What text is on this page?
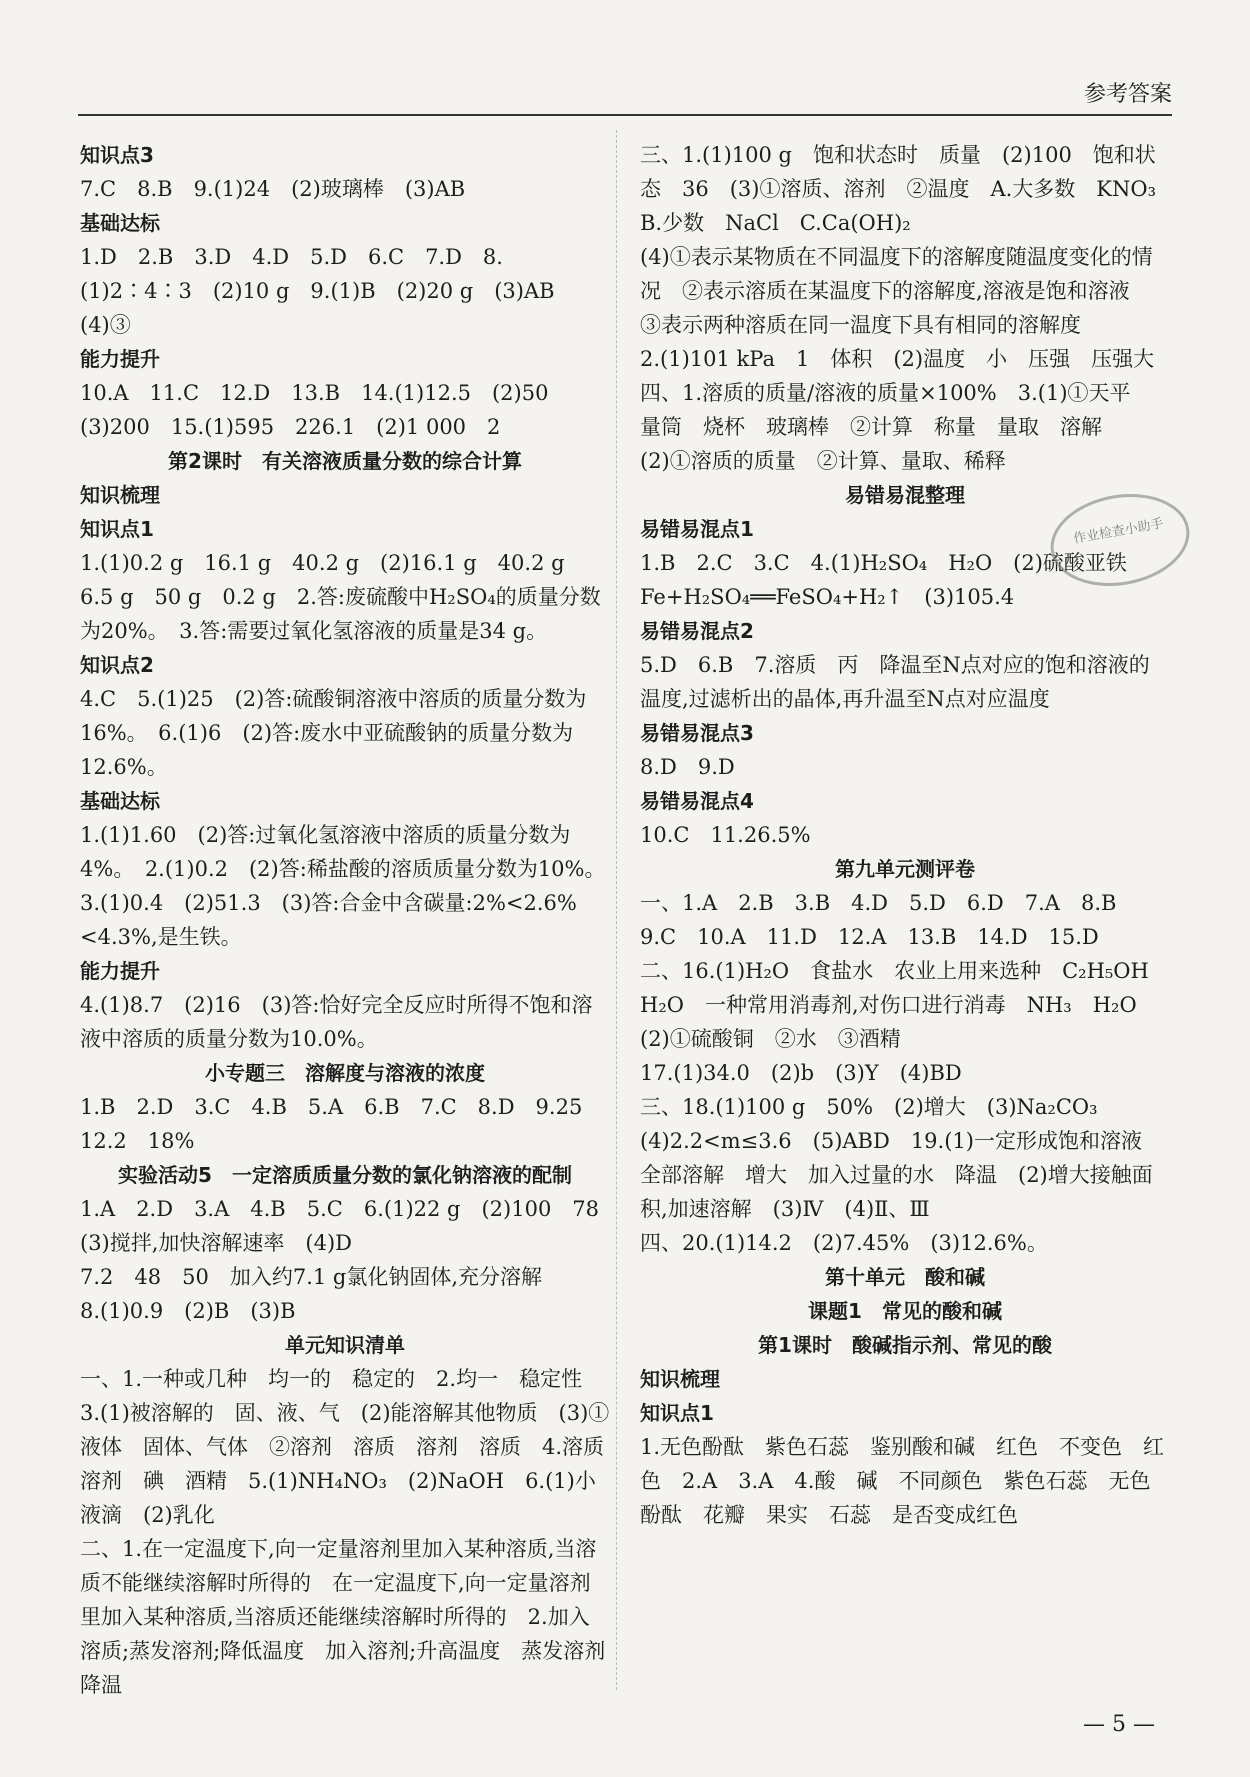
参考答案
知识点3
7.C　8.B　9.(1)24　(2)玻璃棒　(3)AB
基础达标
1.D　2.B　3.D　4.D　5.D　6.C　7.D　8.(1)2∶4∶3　(2)10 g　9.(1)B　(2)20 g　(3)AB　(4)③
能力提升
10.A　11.C　12.D　13.B　14.(1)12.5　(2)50　(3)200　15.(1)595　226.1　(2)1 000　2
第2课时　有关溶液质量分数的综合计算
知识梳理
知识点1
1.(1)0.2 g　16.1 g　40.2 g　(2)16.1 g　40.2 g　6.5 g　50 g　0.2 g　2.答:废硫酸中H₂SO₄的质量分数为20%。　3.答:需要过氧化氢溶液的质量是34 g。
知识点2
4.C　5.(1)25　(2)答:硫酸铜溶液中溶质的质量分数为16%。　6.(1)6　(2)答:废水中亚硫酸钠的质量分数为12.6%。
基础达标
1.(1)1.60　(2)答:过氧化氢溶液中溶质的质量分数为4%。　2.(1)0.2　(2)答:稀盐酸的溶质质量分数为10%。　3.(1)0.4　(2)51.3　(3)答:合金中含碳量:2%<2.6%<4.3%,是生铁。
能力提升
4.(1)8.7　(2)16　(3)答:恰好完全反应时所得不饱和溶液中溶质的质量分数为10.0%。
小专题三　溶解度与溶液的浓度
1.B　2.D　3.C　4.B　5.A　6.B　7.C　8.D　9.25　12.2　18%
实验活动5　一定溶质质量分数的氯化钠溶液的配制
1.A　2.D　3.A　4.B　5.C　6.(1)22 g　(2)100　78　(3)搅拌,加快溶解速率　(4)D
7.2　48　50　加入约7.1 g氯化钠固体,充分溶解
8.(1)0.9　(2)B　(3)B
单元知识清单
一、1.一种或几种　均一的　稳定的　2.均一　稳定性　3.(1)被溶解的　固、液、气　(2)能溶解其他物质　(3)①液体　固体、气体　②溶剂　溶质　溶剂　溶质　4.溶质　溶剂　碘　酒精　5.(1)NH₄NO₃　(2)NaOH　6.(1)小液滴　(2)乳化
二、1.在一定温度下,向一定量溶剂里加入某种溶质,当溶质不能继续溶解时所得的　在一定温度下,向一定量溶剂里加入某种溶质,当溶质还能继续溶解时所得的　2.加入溶质;蒸发溶剂;降低温度　加入溶剂;升高温度　蒸发溶剂　降温
三、1.(1)100 g　饱和状态时　质量　(2)100　饱和状态　36　(3)①溶质、溶剂　②温度　A.大多数　KNO₃　B.少数　NaCl　C.Ca(OH)₂
(4)①表示某物质在不同温度下的溶解度随温度变化的情况　②表示溶质在某温度下的溶解度,溶液是饱和溶液　③表示两种溶质在同一温度下具有相同的溶解度
2.(1)101 kPa　1　体积　(2)温度　小　压强　压强大
四、1.溶质的质量/溶液的质量×100%　3.(1)①天平　量筒　烧杯　玻璃棒　②计算　称量　量取　溶解　(2)①溶质的质量　②计算、量取、稀释
易错易混整理
易错易混点1
1.B　2.C　3.C　4.(1)H₂SO₄　H₂O　(2)硫酸亚铁　Fe+H₂SO₄══FeSO₄+H₂↑　(3)105.4
易错易混点2
5.D　6.B　7.溶质　丙　降温至N点对应的饱和溶液的温度,过滤析出的晶体,再升温至N点对应温度
易错易混点3
8.D　9.D
易错易混点4
10.C　11.26.5%
第九单元测评卷
一、1.A　2.B　3.B　4.D　5.D　6.D　7.A　8.B　9.C　10.A　11.D　12.A　13.B　14.D　15.D
二、16.(1)H₂O　食盐水　农业上用来选种　C₂H₅OH　H₂O　一种常用消毒剂,对伤口进行消毒　NH₃　H₂O　(2)①硫酸铜　②水　③酒精
17.(1)34.0　(2)b　(3)Y　(4)BD
三、18.(1)100 g　50%　(2)增大　(3)Na₂CO₃　(4)2.2<m≤3.6　(5)ABD　19.(1)一定形成饱和溶液　全部溶解　增大　加入过量的水　降温　(2)增大接触面积,加速溶解　(3)Ⅳ　(4)Ⅱ、Ⅲ
四、20.(1)14.2　(2)7.45%　(3)12.6%。
第十单元　酸和碱
课题1　常见的酸和碱
第1课时　酸碱指示剂、常见的酸
知识梳理
知识点1
1.无色酚酞　紫色石蕊　鉴别酸和碱　红色　不变色　红色　2.A　3.A　4.酸　碱　不同颜色　紫色石蕊　无色酚酞　花瓣　果实　石蕊　是否变成红色
作业检查小助手
— 5 —
